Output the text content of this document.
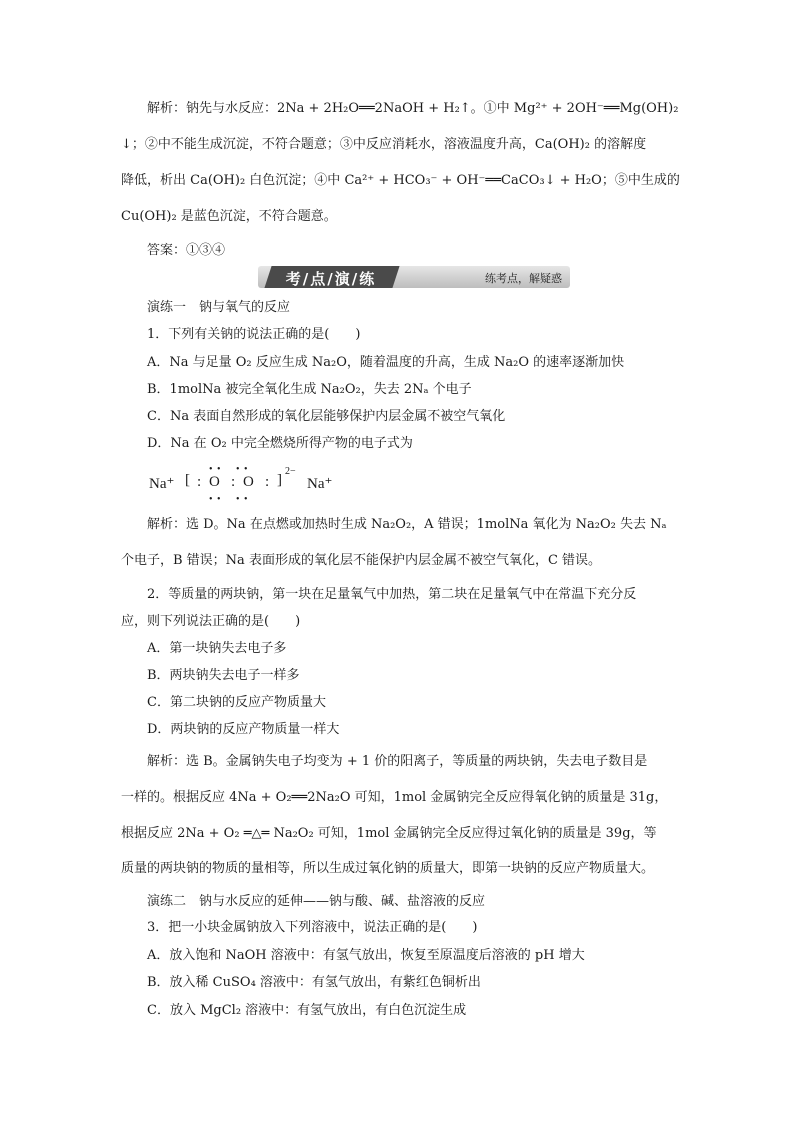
解析：钠先与水反应：2Na + 2H₂O══2NaOH + H₂↑。①中 Mg²⁺ + 2OH⁻══Mg(OH)₂
↓；②中不能生成沉淀，不符合题意；③中反应消耗水，溶液温度升高，Ca(OH)₂ 的溶解度
降低，析出 Ca(OH)₂ 白色沉淀；④中 Ca²⁺ + HCO₃⁻ + OH⁻══CaCO₃↓ + H₂O；⑤中生成的
Cu(OH)₂ 是蓝色沉淀，不符合题意。
答案：①③④
考/点/演/练	练考点，解疑惑
演练一　钠与氧气的反应
1．下列有关钠的说法正确的是(　　)
A．Na 与足量 O₂ 反应生成 Na₂O，随着温度的升高，生成 Na₂O 的速率逐渐加快
B．1molNa 被完全氧化生成 Na₂O₂，失去 2Nₐ 个电子
C．Na 表面自然形成的氧化层能够保护内层金属不被空气氧化
D．Na 在 O₂ 中完全燃烧所得产物的电子式为
Na⁺ [
• •　 • •
: O : O :
• •　 • •
]
2−
Na⁺
解析：选 D。Na 在点燃或加热时生成 Na₂O₂，A 错误；1molNa 氧化为 Na₂O₂ 失去 Nₐ
个电子，B 错误；Na 表面形成的氧化层不能保护内层金属不被空气氧化，C 错误。
2．等质量的两块钠，第一块在足量氧气中加热，第二块在足量氧气中在常温下充分反
应，则下列说法正确的是(　　)
A．第一块钠失去电子多
B．两块钠失去电子一样多
C．第二块钠的反应产物质量大
D．两块钠的反应产物质量一样大
解析：选 B。金属钠失电子均变为 + 1 价的阳离子，等质量的两块钠，失去电子数目是
一样的。根据反应 4Na + O₂══2Na₂O 可知，1mol 金属钠完全反应得氧化钠的质量是 31g，
根据反应 2Na + O₂ ═△═ Na₂O₂ 可知，1mol 金属钠完全反应得过氧化钠的质量是 39g，等
质量的两块钠的物质的量相等，所以生成过氧化钠的质量大，即第一块钠的反应产物质量大。
演练二　钠与水反应的延伸——钠与酸、碱、盐溶液的反应
3．把一小块金属钠放入下列溶液中，说法正确的是(　　)
A．放入饱和 NaOH 溶液中：有氢气放出，恢复至原温度后溶液的 pH 增大
B．放入稀 CuSO₄ 溶液中：有氢气放出，有紫红色铜析出
C．放入 MgCl₂ 溶液中：有氢气放出，有白色沉淀生成
